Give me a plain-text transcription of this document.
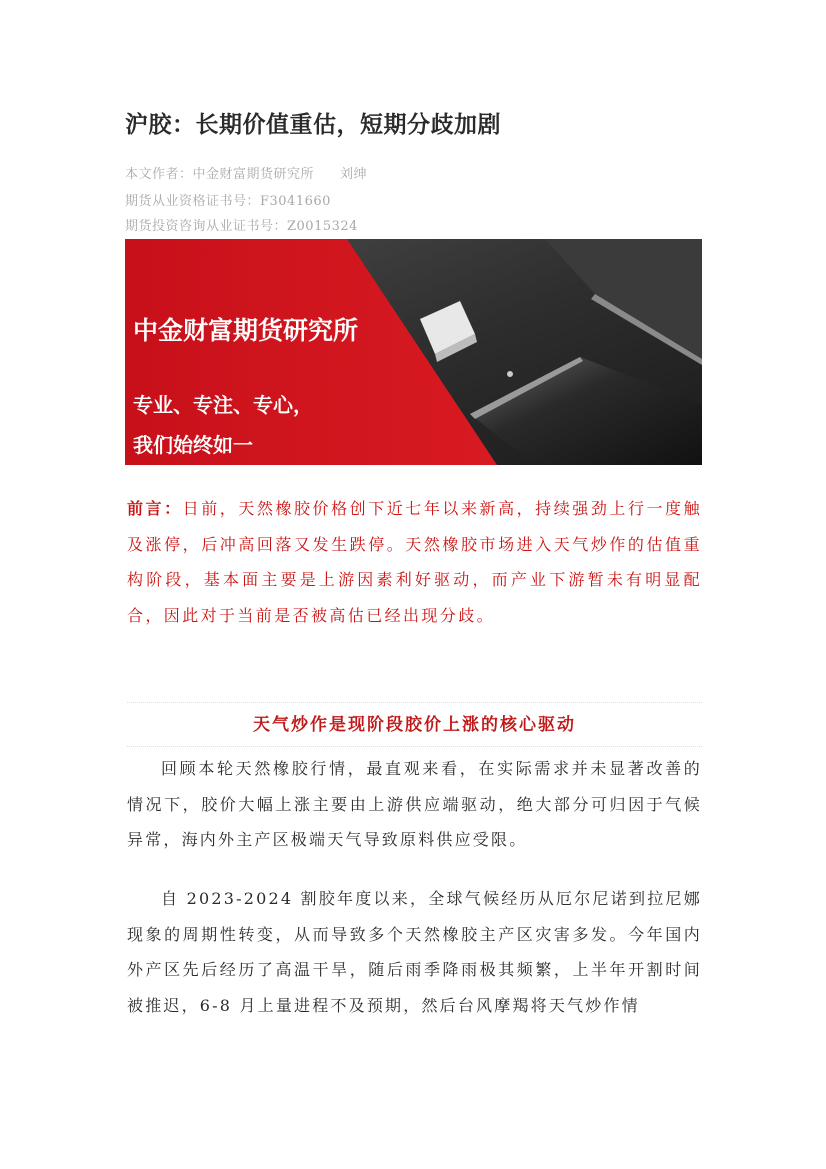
沪胶：长期价值重估，短期分歧加剧
本文作者：中金财富期货研究所 刘绅
期货从业资格证书号：F3041660
期货投资咨询从业证书号：Z0015324
中金财富期货研究所
专业、专注、专心，
我们始终如一

前言：日前，天然橡胶价格创下近七年以来新高，持续强劲上行一度触及涨停，后冲高回落又发生跌停。天然橡胶市场进入天气炒作的估值重构阶段，基本面主要是上游因素利好驱动，而产业下游暂未有明显配合，因此对于当前是否被高估已经出现分歧。

天气炒作是现阶段胶价上涨的核心驱动

回顾本轮天然橡胶行情，最直观来看，在实际需求并未显著改善的情况下，胶价大幅上涨主要由上游供应端驱动，绝大部分可归因于气候异常，海内外主产区极端天气导致原料供应受限。

自 2023-2024 割胶年度以来，全球气候经历从厄尔尼诺到拉尼娜现象的周期性转变，从而导致多个天然橡胶主产区灾害多发。今年国内外产区先后经历了高温干旱，随后雨季降雨极其频繁，上半年开割时间被推迟，6-8 月上量进程不及预期，然后台风摩羯将天气炒作情
